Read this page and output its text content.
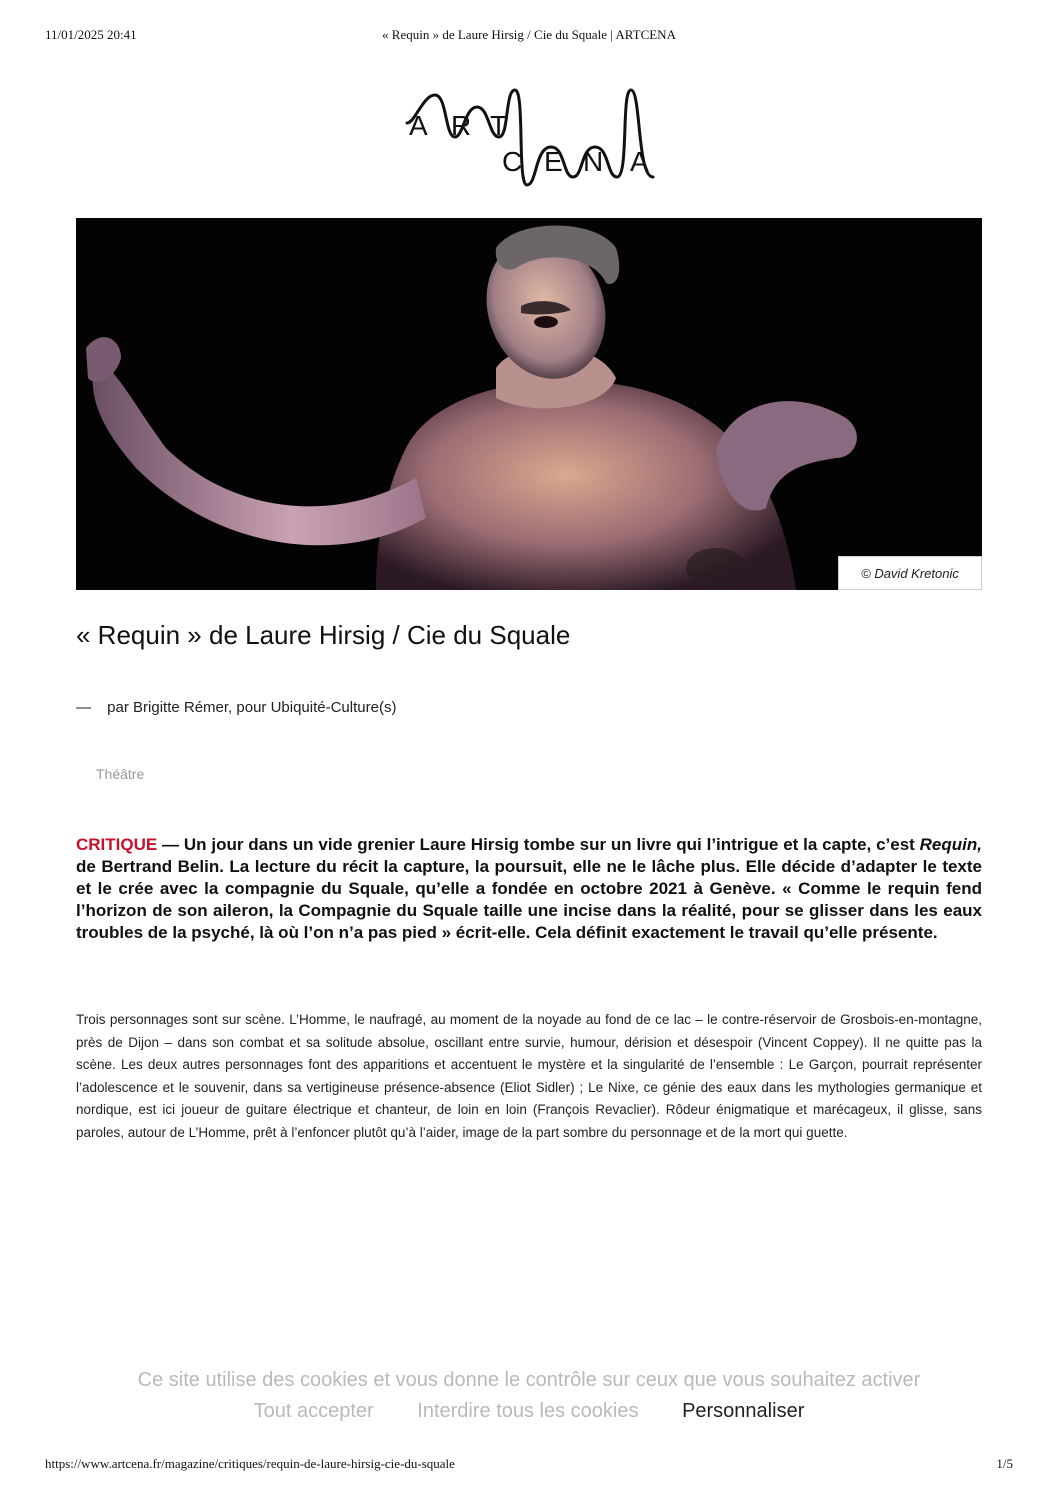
11/01/2025 20:41	« Requin » de Laure Hirsig / Cie du Squale | ARTCENA
A R T
C E N A
© David Kretonic
« Requin » de Laure Hirsig / Cie du Squale
— par Brigitte Rémer, pour Ubiquité-Culture(s)
Théâtre

CRITIQUE — Un jour dans un vide grenier Laure Hirsig tombe sur un livre qui l’intrigue et la capte, c’est Requin, de Bertrand Belin. La lecture du récit la capture, la poursuit, elle ne le lâche plus. Elle décide d’adapter le texte et le crée avec la compagnie du Squale, qu’elle a fondée en octobre 2021 à Genève. « Comme le requin fend l’horizon de son aileron, la Compagnie du Squale taille une incise dans la réalité, pour se glisser dans les eaux troubles de la psyché, là où l’on n’a pas pied » écrit-elle. Cela définit exactement le travail qu’elle présente.

Trois personnages sont sur scène. L’Homme, le naufragé, au moment de la noyade au fond de ce lac – le contre-réservoir de Grosbois-en-montagne, près de Dijon – dans son combat et sa solitude absolue, oscillant entre survie, humour, dérision et désespoir (Vincent Coppey). Il ne quitte pas la scène. Les deux autres personnages font des apparitions et accentuent le mystère et la singularité de l’ensemble : Le Garçon, pourrait représenter l’adolescence et le souvenir, dans sa vertigineuse présence-absence (Eliot Sidler) ; Le Nixe, ce génie des eaux dans les mythologies germanique et nordique, est ici joueur de guitare électrique et chanteur, de loin en loin (François Revaclier). Rôdeur énigmatique et marécageux, il glisse, sans paroles, autour de L’Homme, prêt à l’enfoncer plutôt qu’à l’aider, image de la part sombre du personnage et de la mort qui guette.

Ce site utilise des cookies et vous donne le contrôle sur ceux que vous souhaitez activer
Tout accepter Interdire tous les cookies Personnaliser
https://www.artcena.fr/magazine/critiques/requin-de-laure-hirsig-cie-du-squale	1/5
